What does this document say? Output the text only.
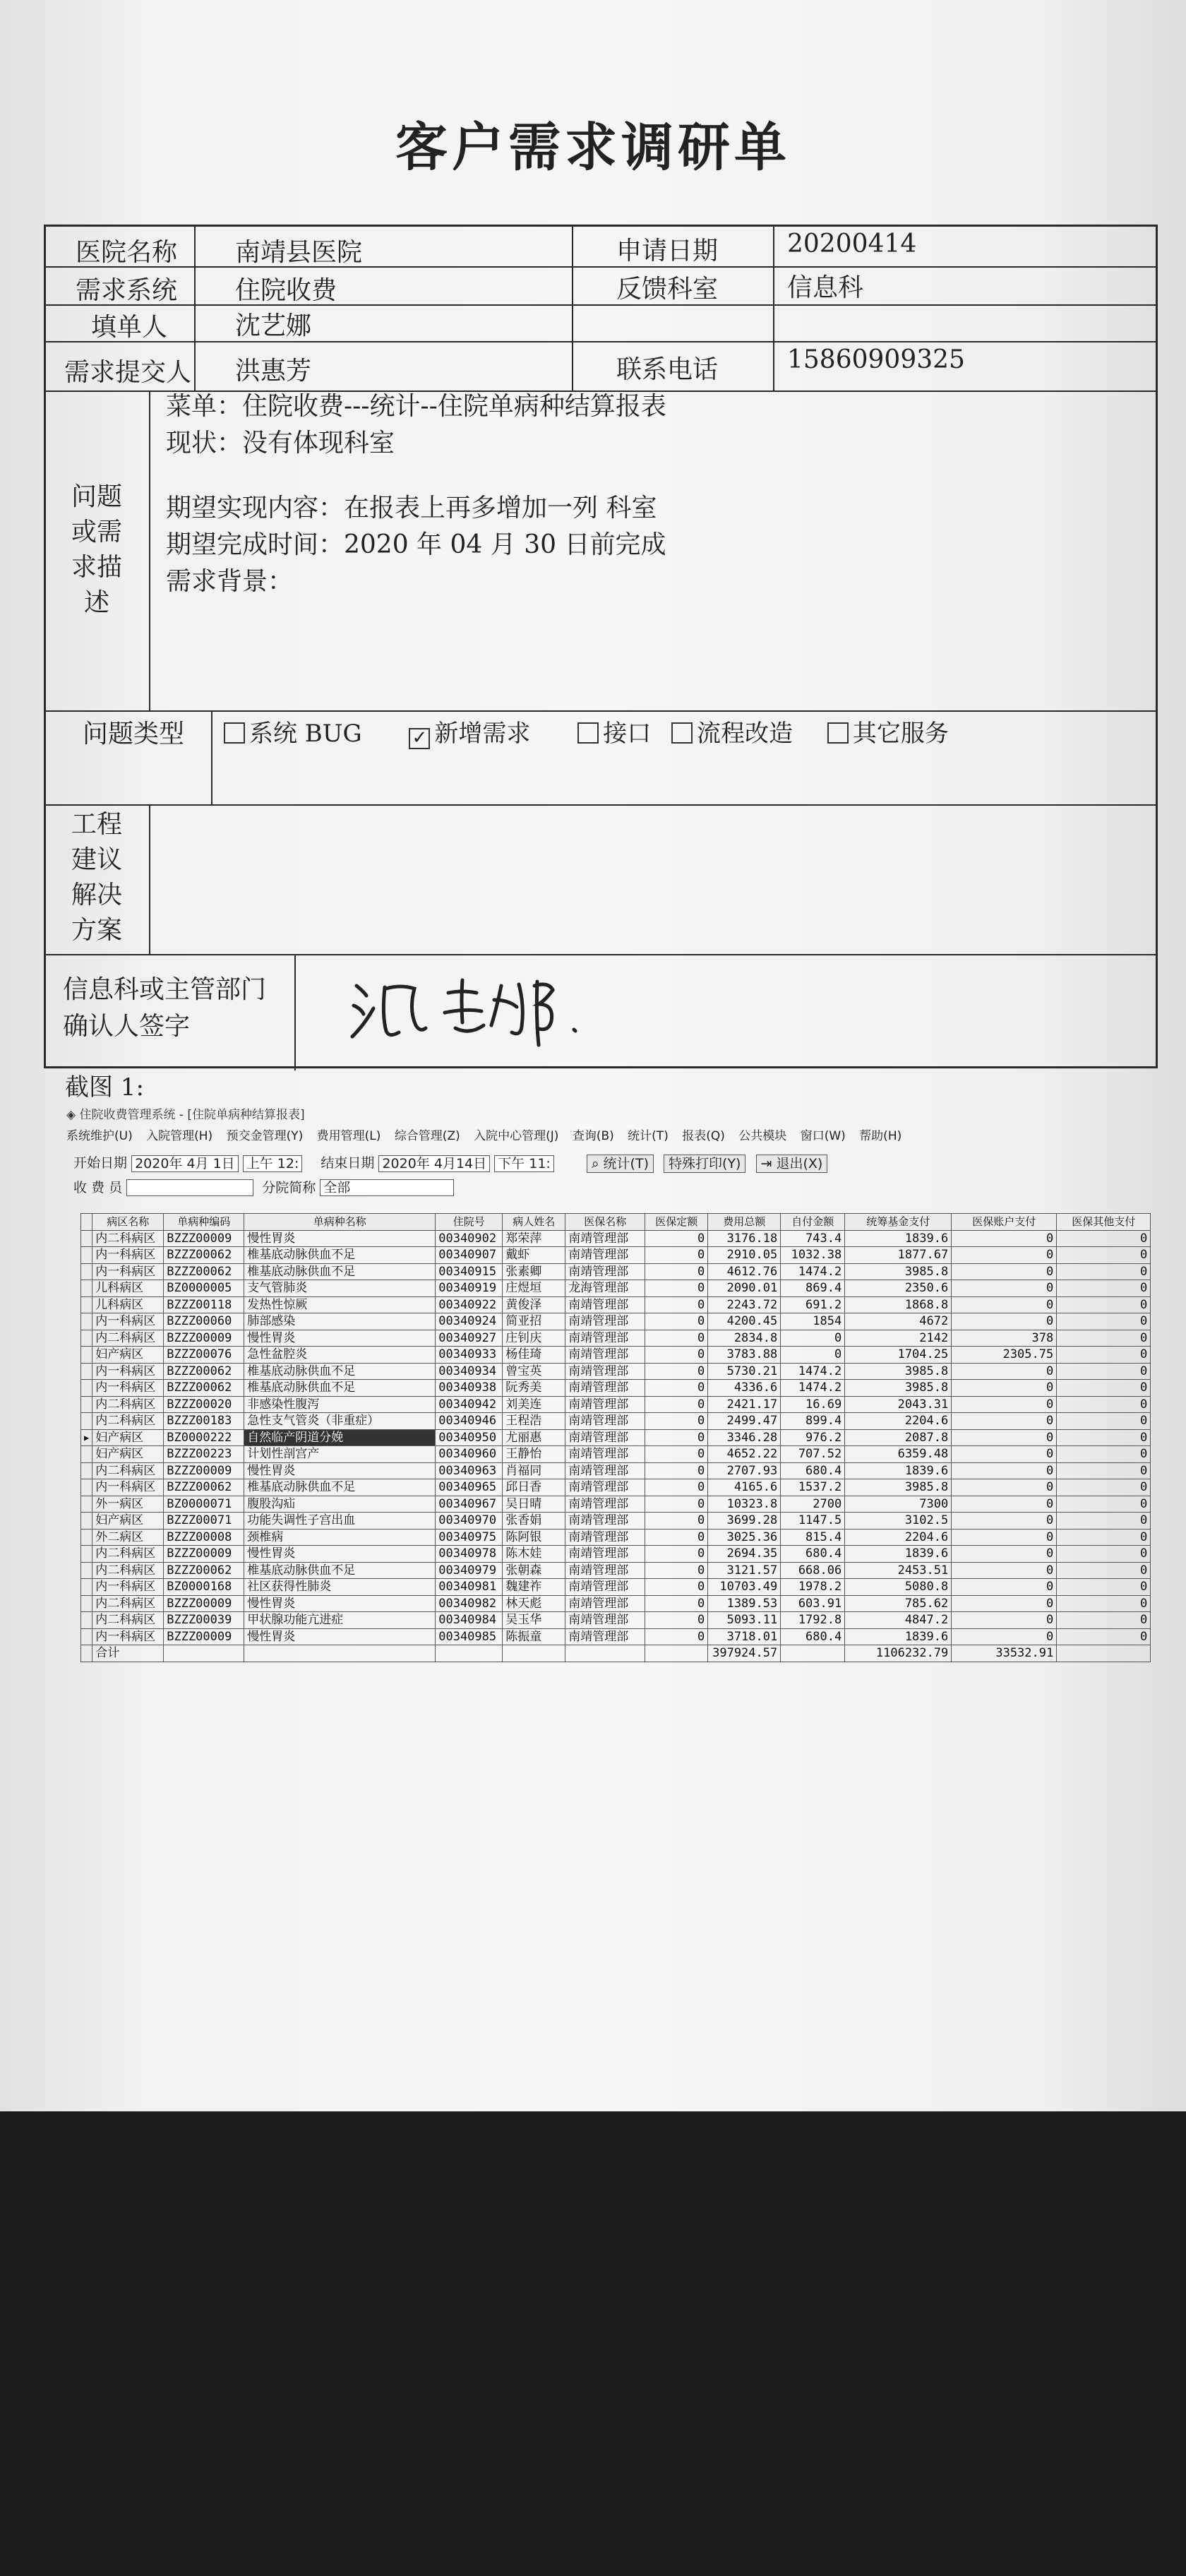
客户需求调研单
医院名称 南靖县医院	申请日期	20200414
需求系统 住院收费	反馈科室	信息科
填单人	沈艺娜
需求提交人 洪惠芳	联系电话	15860909325
问题
或需
求描
述
菜单：住院收费---统计--住院单病种结算报表
现状：没有体现科室
期望实现内容：在报表上再多增加一列 科室
期望完成时间：2020 年 04 月 30 日前完成
需求背景：
问题类型	系统 BUG	✓ 新增需求	接口 流程改造 其它服务
工程
建议
解决
方案
信息科或主管部门
确认人签字
截图 1:
◈ 住院收费管理系统 - [住院单病种结算报表]
系统维护(U) 入院管理(H) 预交金管理(Y) 费用管理(L) 综合管理(Z) 入院中心管理(J) 查询(B) 统计(T) 报表(Q) 公共模块 窗口(W) 帮助(H)
开始日期 2020年 4月 1日 上午 12: 结束日期 2020年 4月14日 下午 11:	⌕ 统计(T) 特殊打印(Y) ⇥ 退出(X)
收 费 员	分院简称 全部
	病区名称	单病种编码	单病种名称	住院号	病人姓名	医保名称	医保定额	费用总额	自付金额	统筹基金支付	医保账户支付	医保其他支付
	内二科病区	BZZZ00009	慢性胃炎	00340902	郑荣萍	南靖管理部	0	3176.18	743.4	1839.6	0	0
	内一科病区	BZZZ00062	椎基底动脉供血不足	00340907	戴虾	南靖管理部	0	2910.05	1032.38	1877.67	0	0
	内一科病区	BZZZ00062	椎基底动脉供血不足	00340915	张素卿	南靖管理部	0	4612.76	1474.2	3985.8	0	0
	儿科病区	BZ0000005	支气管肺炎	00340919	庄煜垣	龙海管理部	0	2090.01	869.4	2350.6	0	0
	儿科病区	BZZZ00118	发热性惊厥	00340922	黄俊泽	南靖管理部	0	2243.72	691.2	1868.8	0	0
	内一科病区	BZZZ00060	肺部感染	00340924	简亚招	南靖管理部	0	4200.45	1854	4672	0	0
	内二科病区	BZZZ00009	慢性胃炎	00340927	庄钊庆	南靖管理部	0	2834.8	0	2142	378	0
	妇产病区	BZZZ00076	急性盆腔炎	00340933	杨佳琦	南靖管理部	0	3783.88	0	1704.25	2305.75	0
	内一科病区	BZZZ00062	椎基底动脉供血不足	00340934	曾宝英	南靖管理部	0	5730.21	1474.2	3985.8	0	0
	内一科病区	BZZZ00062	椎基底动脉供血不足	00340938	阮秀美	南靖管理部	0	4336.6	1474.2	3985.8	0	0
	内二科病区	BZZZ00020	非感染性腹泻	00340942	刘美连	南靖管理部	0	2421.17	16.69	2043.31	0	0
	内二科病区	BZZZ00183	急性支气管炎（非重症）	00340946	王程浩	南靖管理部	0	2499.47	899.4	2204.6	0	0
▶	妇产病区	BZ0000222	自然临产阴道分娩	00340950	尤丽惠	南靖管理部	0	3346.28	976.2	2087.8	0	0
	妇产病区	BZZZ00223	计划性剖宫产	00340960	王静怡	南靖管理部	0	4652.22	707.52	6359.48	0	0
	内二科病区	BZZZ00009	慢性胃炎	00340963	肖福同	南靖管理部	0	2707.93	680.4	1839.6	0	0
	内一科病区	BZZZ00062	椎基底动脉供血不足	00340965	邱日香	南靖管理部	0	4165.6	1537.2	3985.8	0	0
	外一病区	BZ0000071	腹股沟疝	00340967	吴日晴	南靖管理部	0	10323.8	2700	7300	0	0
	妇产病区	BZZZ00071	功能失调性子宫出血	00340970	张香娟	南靖管理部	0	3699.28	1147.5	3102.5	0	0
	外二病区	BZZZ00008	颈椎病	00340975	陈阿银	南靖管理部	0	3025.36	815.4	2204.6	0	0
	内二科病区	BZZZ00009	慢性胃炎	00340978	陈木娃	南靖管理部	0	2694.35	680.4	1839.6	0	0
	内二科病区	BZZZ00062	椎基底动脉供血不足	00340979	张朝森	南靖管理部	0	3121.57	668.06	2453.51	0	0
	内一科病区	BZ0000168	社区获得性肺炎	00340981	魏建祚	南靖管理部	0	10703.49	1978.2	5080.8	0	0
	内二科病区	BZZZ00009	慢性胃炎	00340982	林天彪	南靖管理部	0	1389.53	603.91	785.62	0	0
	内二科病区	BZZZ00039	甲状腺功能亢进症	00340984	吴玉华	南靖管理部	0	5093.11	1792.8	4847.2	0	0
	内一科病区	BZZZ00009	慢性胃炎	00340985	陈振童	南靖管理部	0	3718.01	680.4	1839.6	0	0
	合计							397924.57		1106232.79	33532.91	
